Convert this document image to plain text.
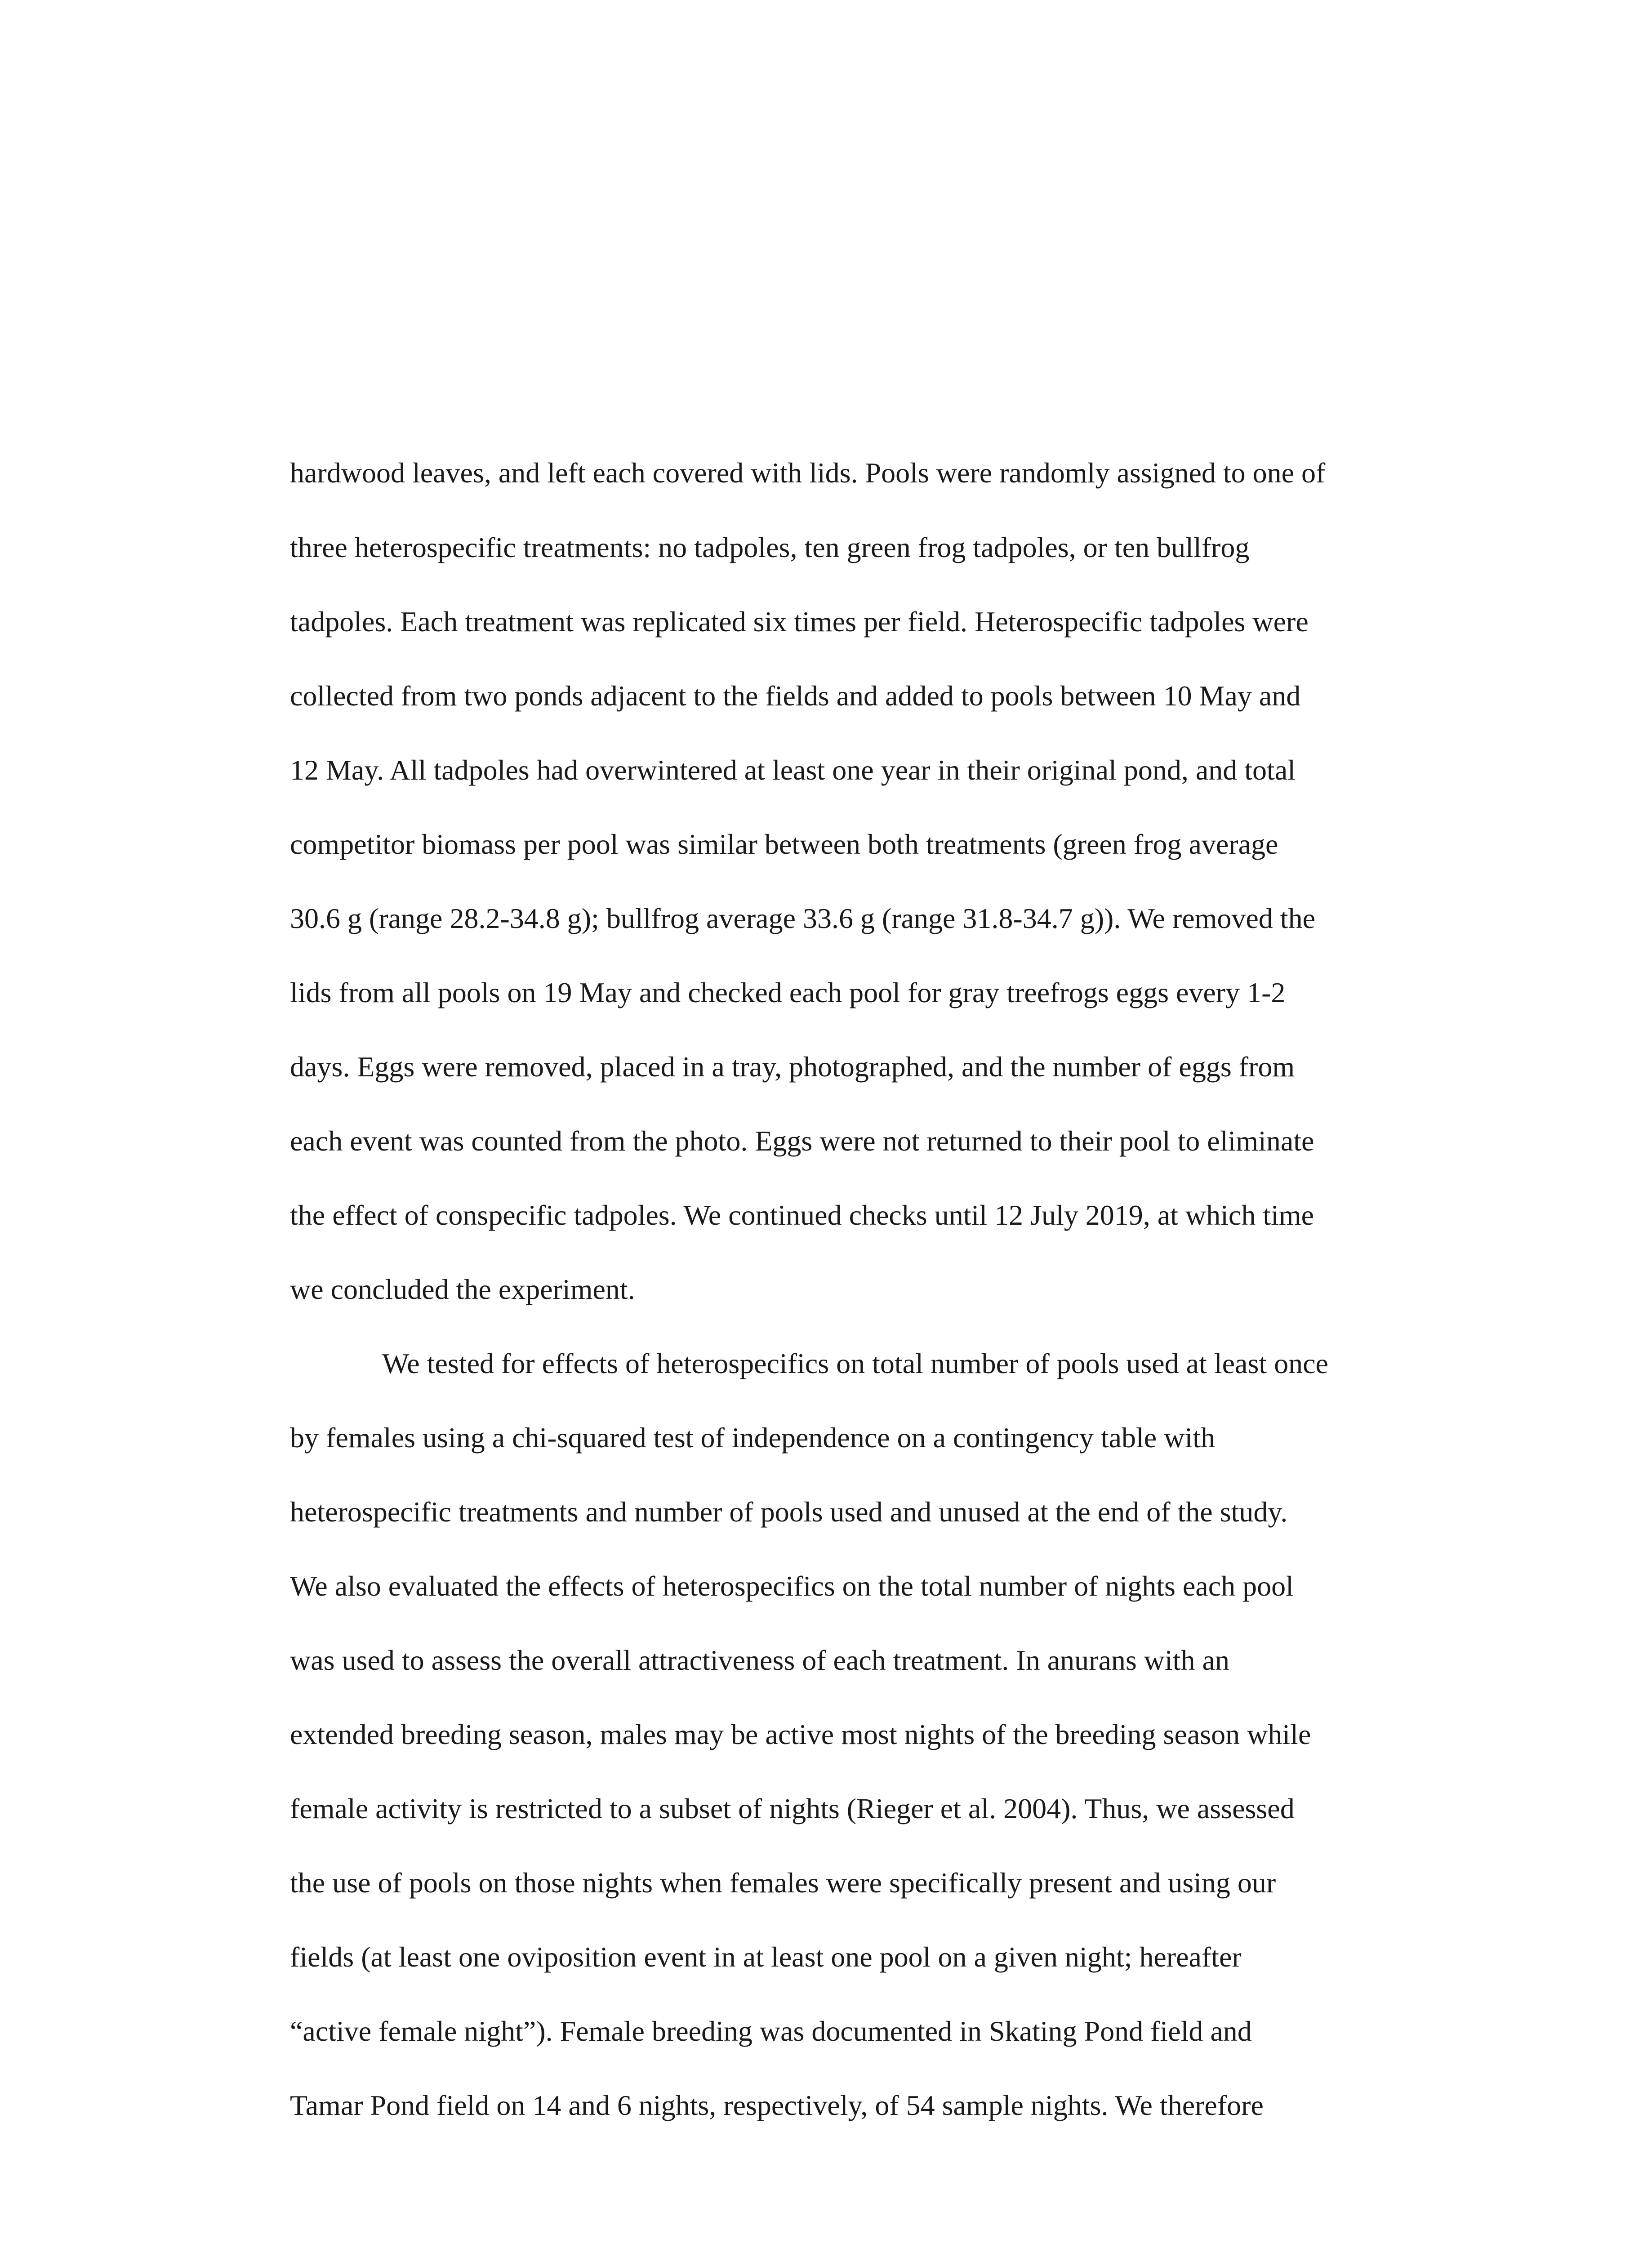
hardwood leaves, and left each covered with lids. Pools were randomly assigned to one of

three heterospecific treatments: no tadpoles, ten green frog tadpoles, or ten bullfrog

tadpoles. Each treatment was replicated six times per field. Heterospecific tadpoles were

collected from two ponds adjacent to the fields and added to pools between 10 May and

12 May. All tadpoles had overwintered at least one year in their original pond, and total

competitor biomass per pool was similar between both treatments (green frog average

30.6 g (range 28.2-34.8 g); bullfrog average 33.6 g (range 31.8-34.7 g)). We removed the

lids from all pools on 19 May and checked each pool for gray treefrogs eggs every 1-2

days. Eggs were removed, placed in a tray, photographed, and the number of eggs from

each event was counted from the photo. Eggs were not returned to their pool to eliminate

the effect of conspecific tadpoles. We continued checks until 12 July 2019, at which time

we concluded the experiment.

We tested for effects of heterospecifics on total number of pools used at least once

by females using a chi-squared test of independence on a contingency table with

heterospecific treatments and number of pools used and unused at the end of the study.

We also evaluated the effects of heterospecifics on the total number of nights each pool

was used to assess the overall attractiveness of each treatment. In anurans with an

extended breeding season, males may be active most nights of the breeding season while

female activity is restricted to a subset of nights (Rieger et al. 2004). Thus, we assessed

the use of pools on those nights when females were specifically present and using our

fields (at least one oviposition event in at least one pool on a given night; hereafter

“active female night”). Female breeding was documented in Skating Pond field and

Tamar Pond field on 14 and 6 nights, respectively, of 54 sample nights. We therefore
